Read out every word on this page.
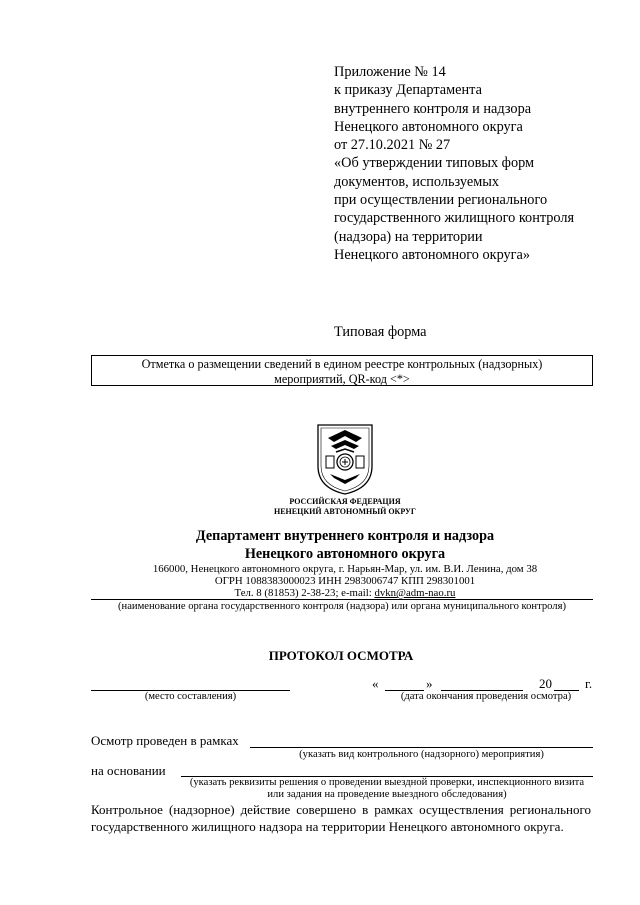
Приложение № 14
к приказу Департамента
внутреннего контроля и надзора
Ненецкого автономного округа
от 27.10.2021 № 27
«Об утверждении типовых форм
документов, используемых
при осуществлении регионального
государственного жилищного контроля
(надзора) на территории
Ненецкого автономного округа»
Типовая форма
Отметка о размещении сведений в едином реестре контрольных (надзорных)
мероприятий, QR-код <*>
РОССИЙСКАЯ ФЕДЕРАЦИЯ
НЕНЕЦКИЙ АВТОНОМНЫЙ ОКРУГ
Департамент внутреннего контроля и надзора
Ненецкого автономного округа
166000, Ненецкого автономного округа, г. Нарьян-Мар, ул. им. В.И. Ленина, дом 38
ОГРН 1088383000023 ИНН 2983006747 КПП 298301001
Тел. 8 (81853) 2-38-23; e-mail: dvkn@adm-nao.ru
(наименование органа государственного контроля (надзора) или органа муниципального контроля)
ПРОТОКОЛ ОСМОТРА
(место составления)
«	»	20	г.
(дата окончания проведения осмотра)
Осмотр проведен в рамках
(указать вид контрольного (надзорного) мероприятия)
на основании
(указать реквизиты решения о проведении выездной проверки, инспекционного визита
или задания на проведение выездного обследования)
Контрольное (надзорное) действие совершено в рамках осуществления регионального государственного жилищного надзора на территории Ненецкого автономного округа.
